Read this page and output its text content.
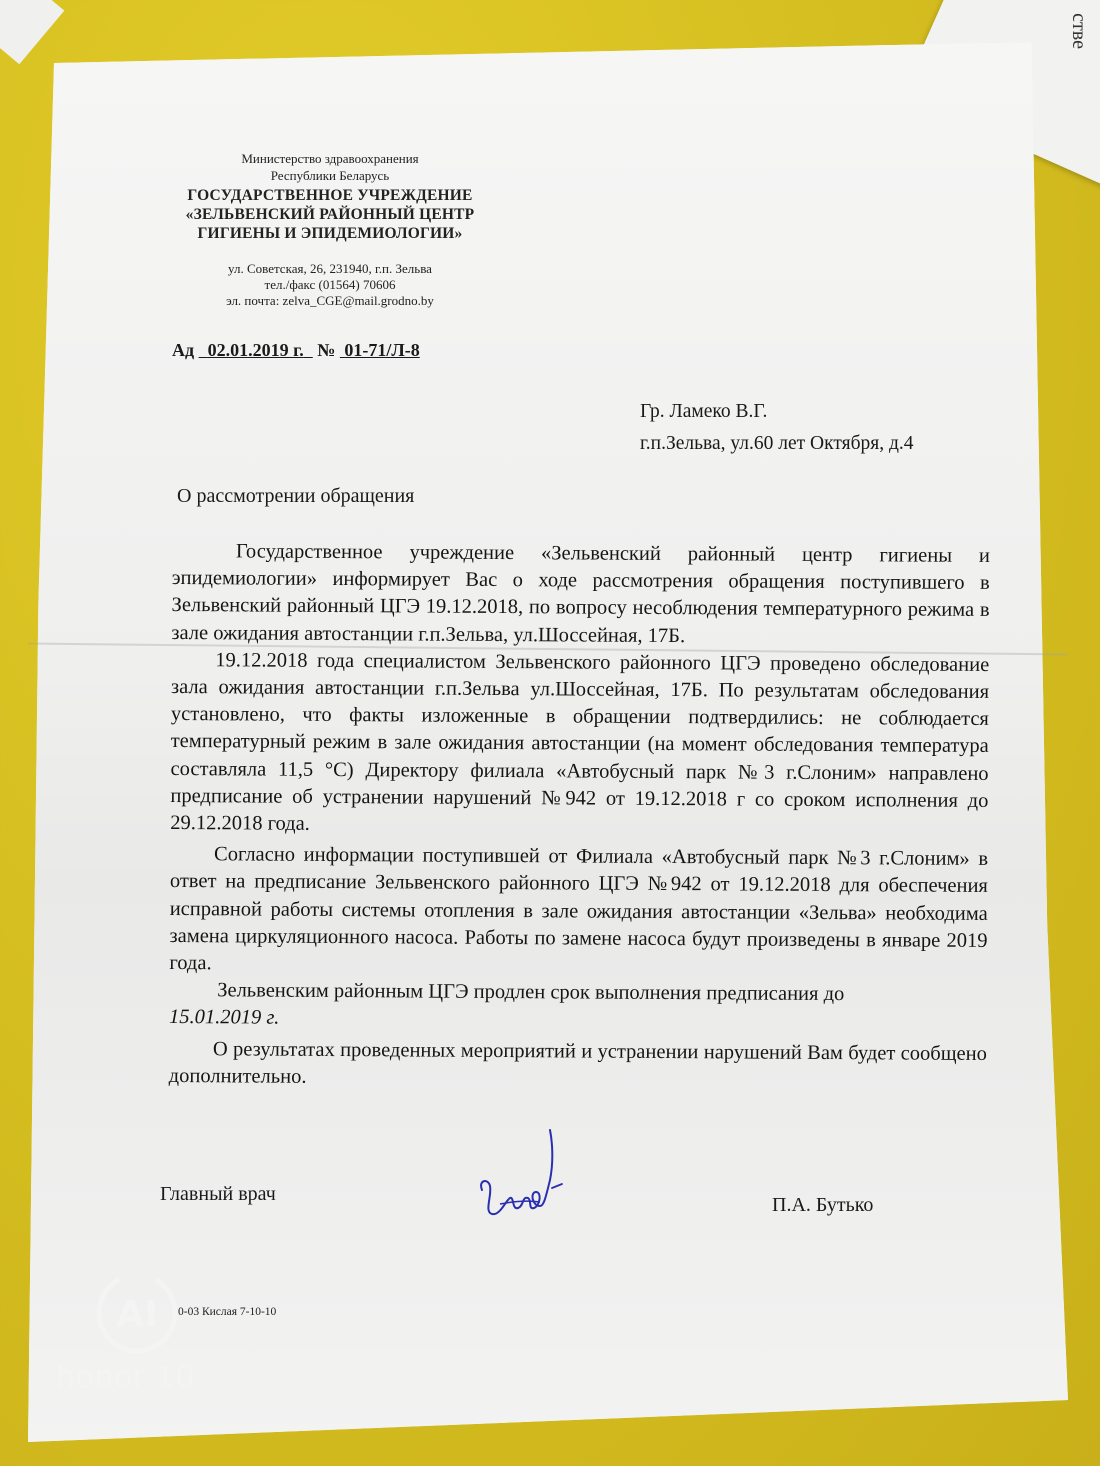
стве
Министерство здравоохранения
Республики Беларусь
ГОСУДАРСТВЕННОЕ УЧРЕЖДЕНИЕ
«ЗЕЛЬВЕНСКИЙ РАЙОННЫЙ ЦЕНТР
ГИГИЕНЫ И ЭПИДЕМИОЛОГИИ»
ул. Советская, 26, 231940, г.п. Зельва
тел./факс (01564) 70606
эл. почта: zelva_CGE@mail.grodno.by
Ад 02.01.2019 г. № 01-71/Л-8
Гр. Ламеко В.Г.
г.п.Зельва, ул.60 лет Октября, д.4
О рассмотрении обращения

Государственное учреждение «Зельвенский районный центр гигиены и эпидемиологии» информирует Вас о ходе рассмотрения обращения поступившего в Зельвенский районный ЦГЭ 19.12.2018, по вопросу несоблюдения температурного режима в зале ожидания автостанции г.п.Зельва, ул.Шоссейная, 17Б.

19.12.2018 года специалистом Зельвенского районного ЦГЭ проведено обследование зала ожидания автостанции г.п.Зельва ул.Шоссейная, 17Б. По результатам обследования установлено, что факты изложенные в обращении подтвердились: не соблюдается температурный режим в зале ожидания автостанции (на момент обследования температура составляла 11,5 °С) Директору филиала «Автобусный парк №3 г.Слоним» направлено предписание об устранении нарушений №942 от 19.12.2018 г со сроком исполнения до 29.12.2018 года.

Согласно информации поступившей от Филиала «Автобусный парк №3 г.Слоним» в ответ на предписание Зельвенского районного ЦГЭ №942 от 19.12.2018 для обеспечения исправной работы системы отопления в зале ожидания автостанции «Зельва» необходима замена циркуляционного насоса. Работы по замене насоса будут произведены в январе 2019 года.

Зельвенским районным ЦГЭ продлен срок выполнения предписания до

15.01.2019 г.

О результатах проведенных мероприятий и устранении нарушений Вам будет сообщено дополнительно.

Главный врач	П.А. Бутько
0-03 Кислая 7-10-10
AI
honor 10
